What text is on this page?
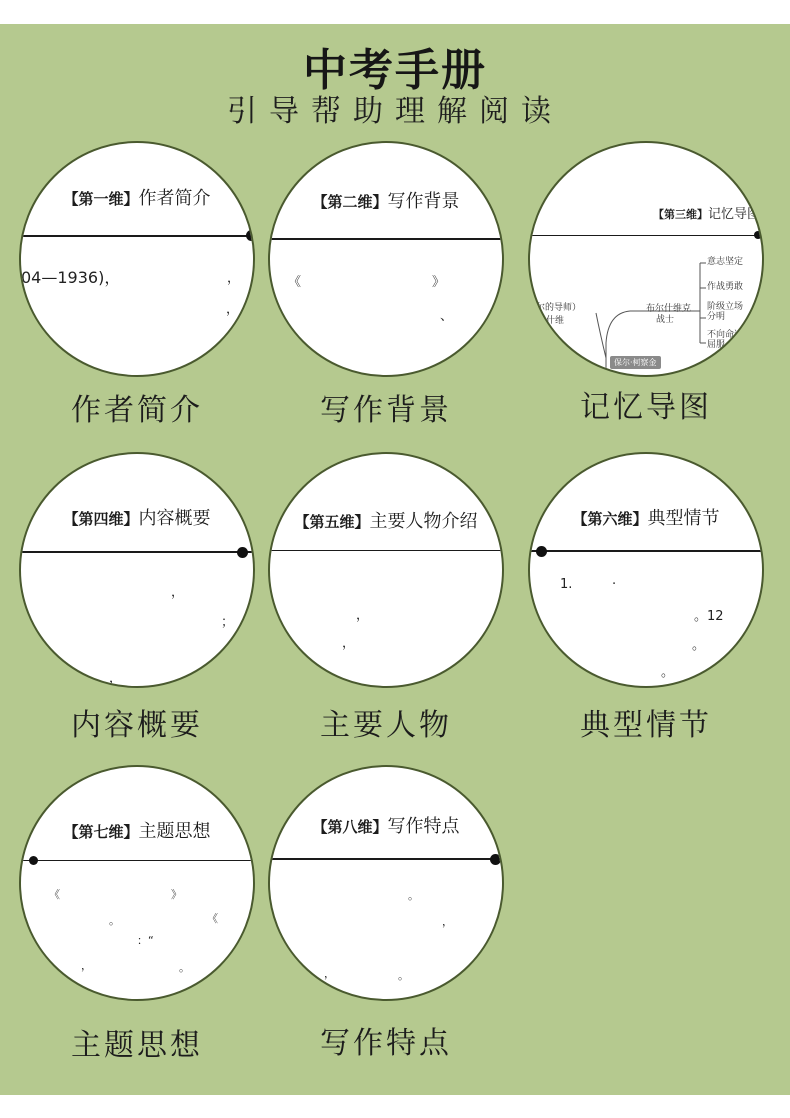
中考手册
引导帮助理解阅读
【第一维】作者简介
04—1936)，	，
，
作者简介
【第二维】写作背景
《	》
、
写作背景
【第三维】记忆导图
意志坚定
作战勇敢
阶级立场
分明
不向命运
屈服
布尔什维克
战士
尔的导师）
什维
保尔·柯察金
记忆导图
【第四维】内容概要
，
；
，
内容概要
【第五维】主要人物介绍
，
，
主要人物
【第六维】典型情节
1.	·
。12
。
。
典型情节
【第七维】主题思想
《	》
。	《
：“
，	。
，
主题思想
【第八维】写作特点
。
，
，	。
写作特点
